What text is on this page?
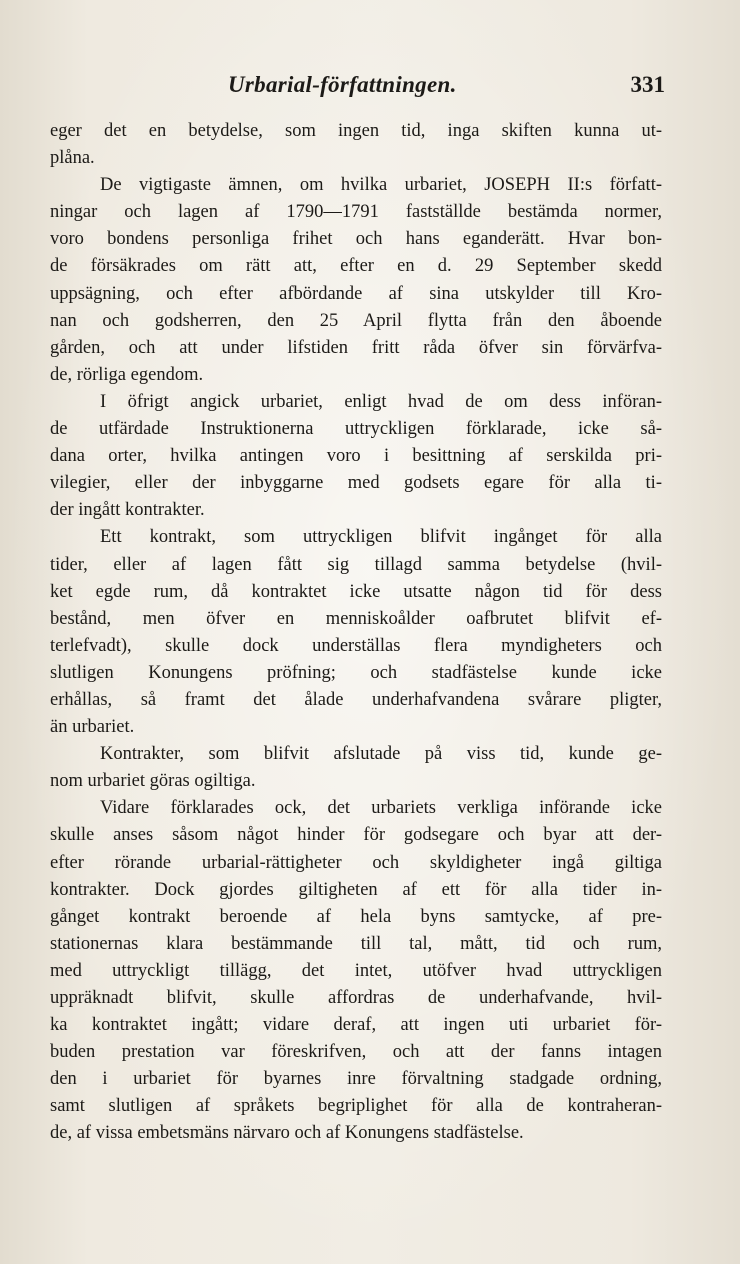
Urbarial-författningen.	331
eger det en betydelse, som ingen tid, inga skiften kunna ut-
plåna.
De vigtigaste ämnen, om hvilka urbariet, JOSEPH II:s författ-
ningar och lagen af 1790—1791 fastställde bestämda normer,
voro bondens personliga frihet och hans eganderätt. Hvar bon-
de försäkrades om rätt att, efter en d. 29 September skedd
uppsägning, och efter afbördande af sina utskylder till Kro-
nan och godsherren, den 25 April flytta från den åboende
gården, och att under lifstiden fritt råda öfver sin förvärfva-
de, rörliga egendom.
I öfrigt angick urbariet, enligt hvad de om dess införan-
de utfärdade Instruktionerna uttryckligen förklarade, icke så-
dana orter, hvilka antingen voro i besittning af serskilda pri-
vilegier, eller der inbyggarne med godsets egare för alla ti-
der ingått kontrakter.
Ett kontrakt, som uttryckligen blifvit ingånget för alla
tider, eller af lagen fått sig tillagd samma betydelse (hvil-
ket egde rum, då kontraktet icke utsatte någon tid för dess
bestånd, men öfver en menniskoålder oafbrutet blifvit ef-
terlefvadt), skulle dock underställas flera myndigheters och
slutligen Konungens pröfning; och stadfästelse kunde icke
erhållas, så framt det ålade underhafvandena svårare pligter,
än urbariet.
Kontrakter, som blifvit afslutade på viss tid, kunde ge-
nom urbariet göras ogiltiga.
Vidare förklarades ock, det urbariets verkliga införande icke
skulle anses såsom något hinder för godsegare och byar att der-
efter rörande urbarial-rättigheter och skyldigheter ingå giltiga
kontrakter. Dock gjordes giltigheten af ett för alla tider in-
gånget kontrakt beroende af hela byns samtycke, af pre-
stationernas klara bestämmande till tal, mått, tid och rum,
med uttryckligt tillägg, det intet, utöfver hvad uttryckligen
uppräknadt blifvit, skulle affordras de underhafvande, hvil-
ka kontraktet ingått; vidare deraf, att ingen uti urbariet för-
buden prestation var föreskrifven, och att der fanns intagen
den i urbariet för byarnes inre förvaltning stadgade ordning,
samt slutligen af språkets begriplighet för alla de kontraheran-
de, af vissa embetsmäns närvaro och af Konungens stadfästelse.
